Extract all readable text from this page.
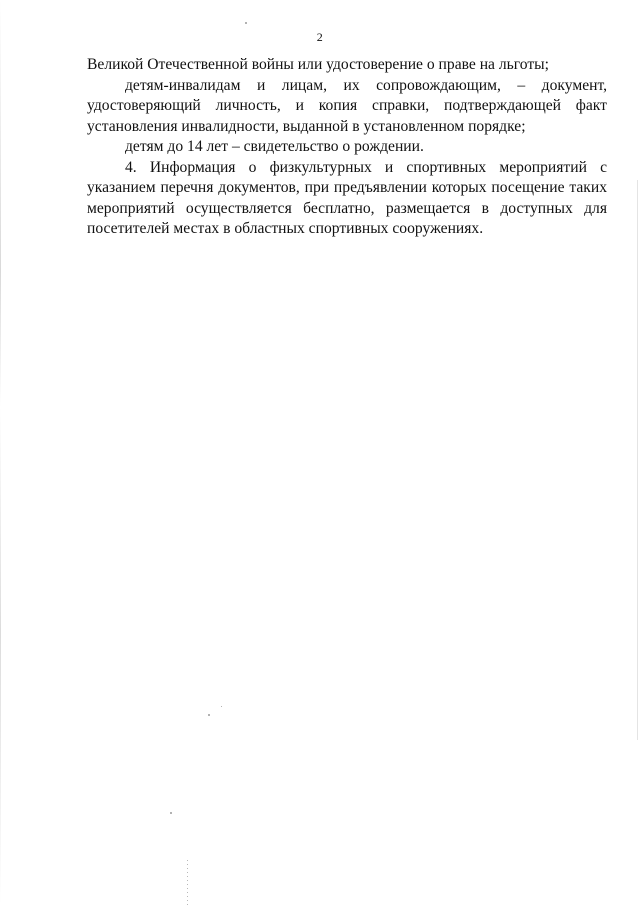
2

Великой Отечественной войны или удостоверение о праве на льготы;

детям-инвалидам и лицам, их сопровождающим, – документ, удостоверяющий личность, и копия справки, подтверждающей факт установления инвалидности, выданной в установленном порядке;

детям до 14 лет – свидетельство о рождении.

4. Информация о физкультурных и спортивных мероприятий с указанием перечня документов, при предъявлении которых посещение таких мероприятий осуществляется бесплатно, размещается в доступных для посетителей местах в областных спортивных сооружениях.
